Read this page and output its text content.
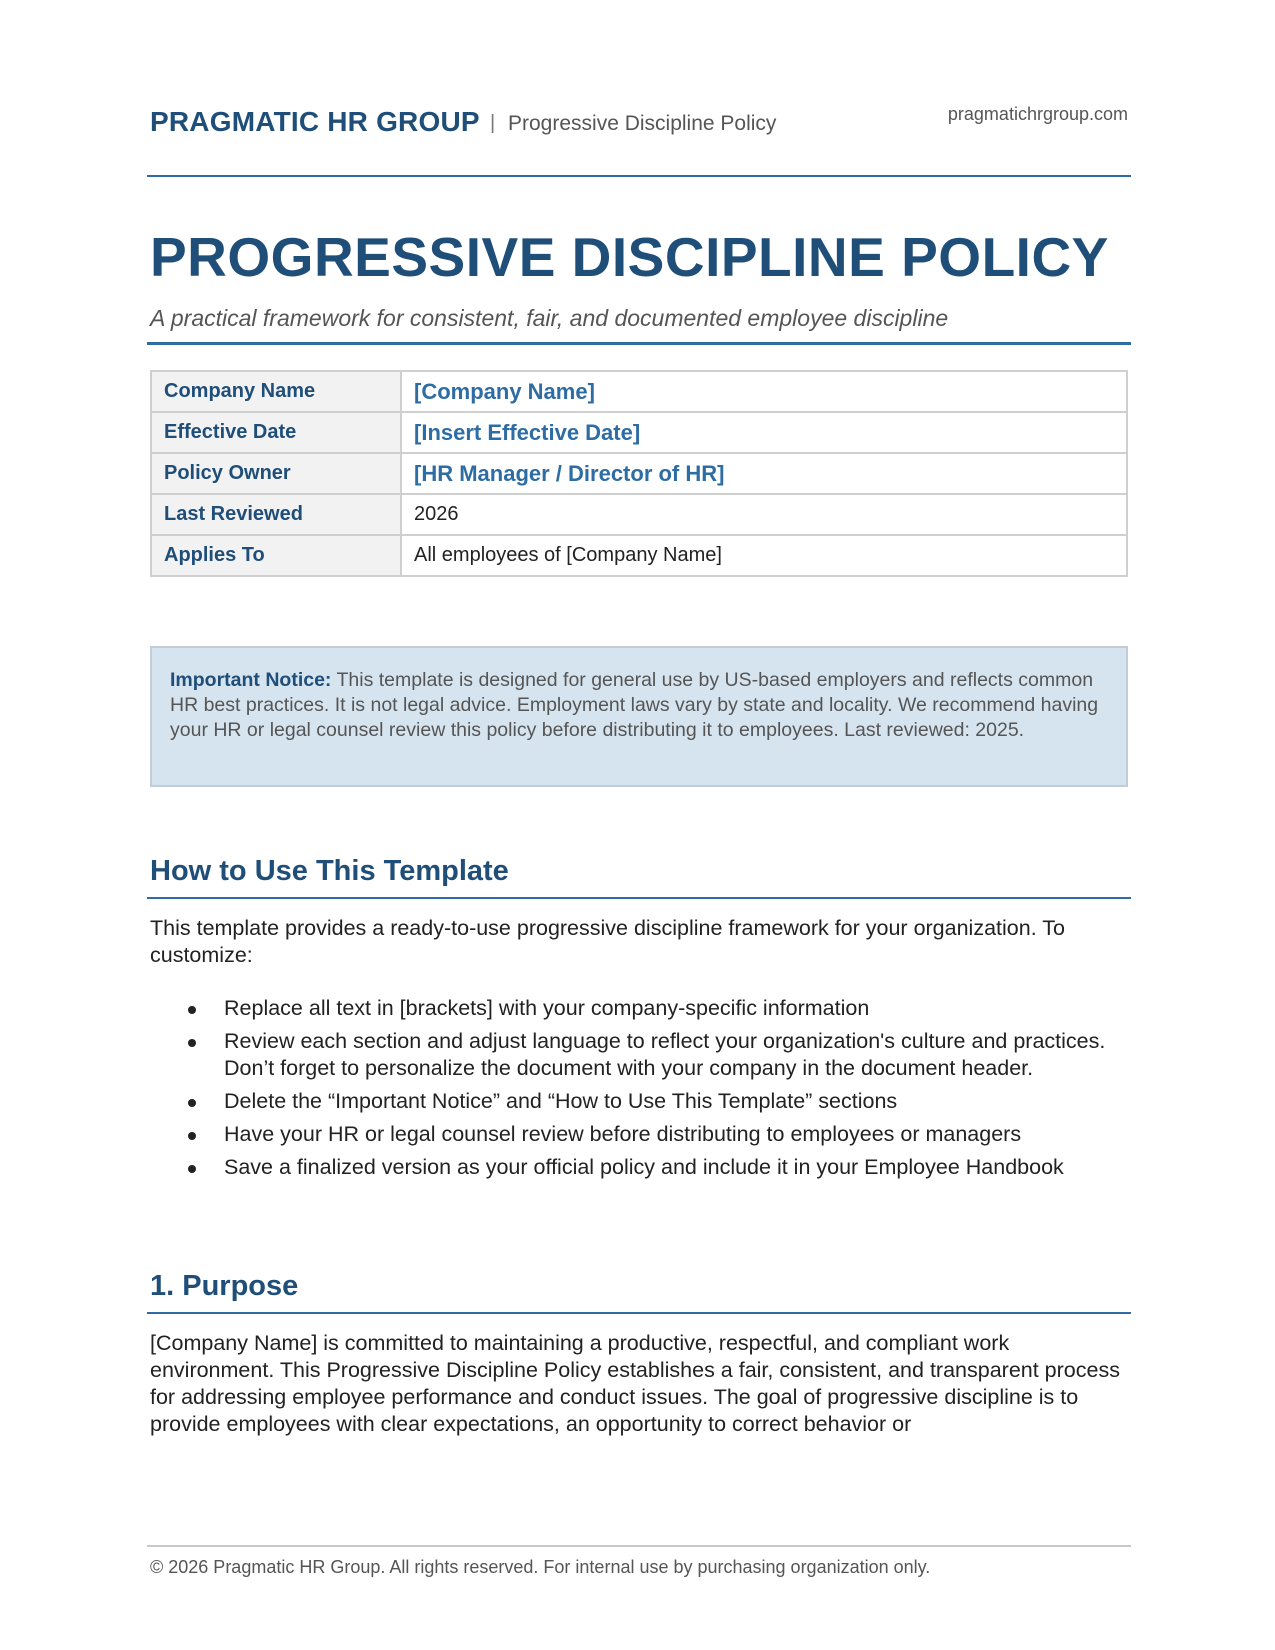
PRAGMATIC HR GROUP | Progressive Discipline Policy	pragmatichrgroup.com
PROGRESSIVE DISCIPLINE POLICY
A practical framework for consistent, fair, and documented employee discipline
Company Name	[Company Name]
Effective Date	[Insert Effective Date]
Policy Owner	[HR Manager / Director of HR]
Last Reviewed	2026
Applies To	All employees of [Company Name]
Important Notice: This template is designed for general use by US-based employers and reflects common HR best practices. It is not legal advice. Employment laws vary by state and locality. We recommend having your HR or legal counsel review this policy before distributing it to employees. Last reviewed: 2025.
How to Use This Template
This template provides a ready-to-use progressive discipline framework for your organization. To customize:
Replace all text in [brackets] with your company-specific information
Review each section and adjust language to reflect your organization's culture and practices. Don’t forget to personalize the document with your company in the document header.
Delete the “Important Notice” and “How to Use This Template” sections
Have your HR or legal counsel review before distributing to employees or managers
Save a finalized version as your official policy and include it in your Employee Handbook
1. Purpose
[Company Name] is committed to maintaining a productive, respectful, and compliant work environment. This Progressive Discipline Policy establishes a fair, consistent, and transparent process for addressing employee performance and conduct issues. The goal of progressive discipline is to provide employees with clear expectations, an opportunity to correct behavior or
© 2026 Pragmatic HR Group. All rights reserved. For internal use by purchasing organization only.
